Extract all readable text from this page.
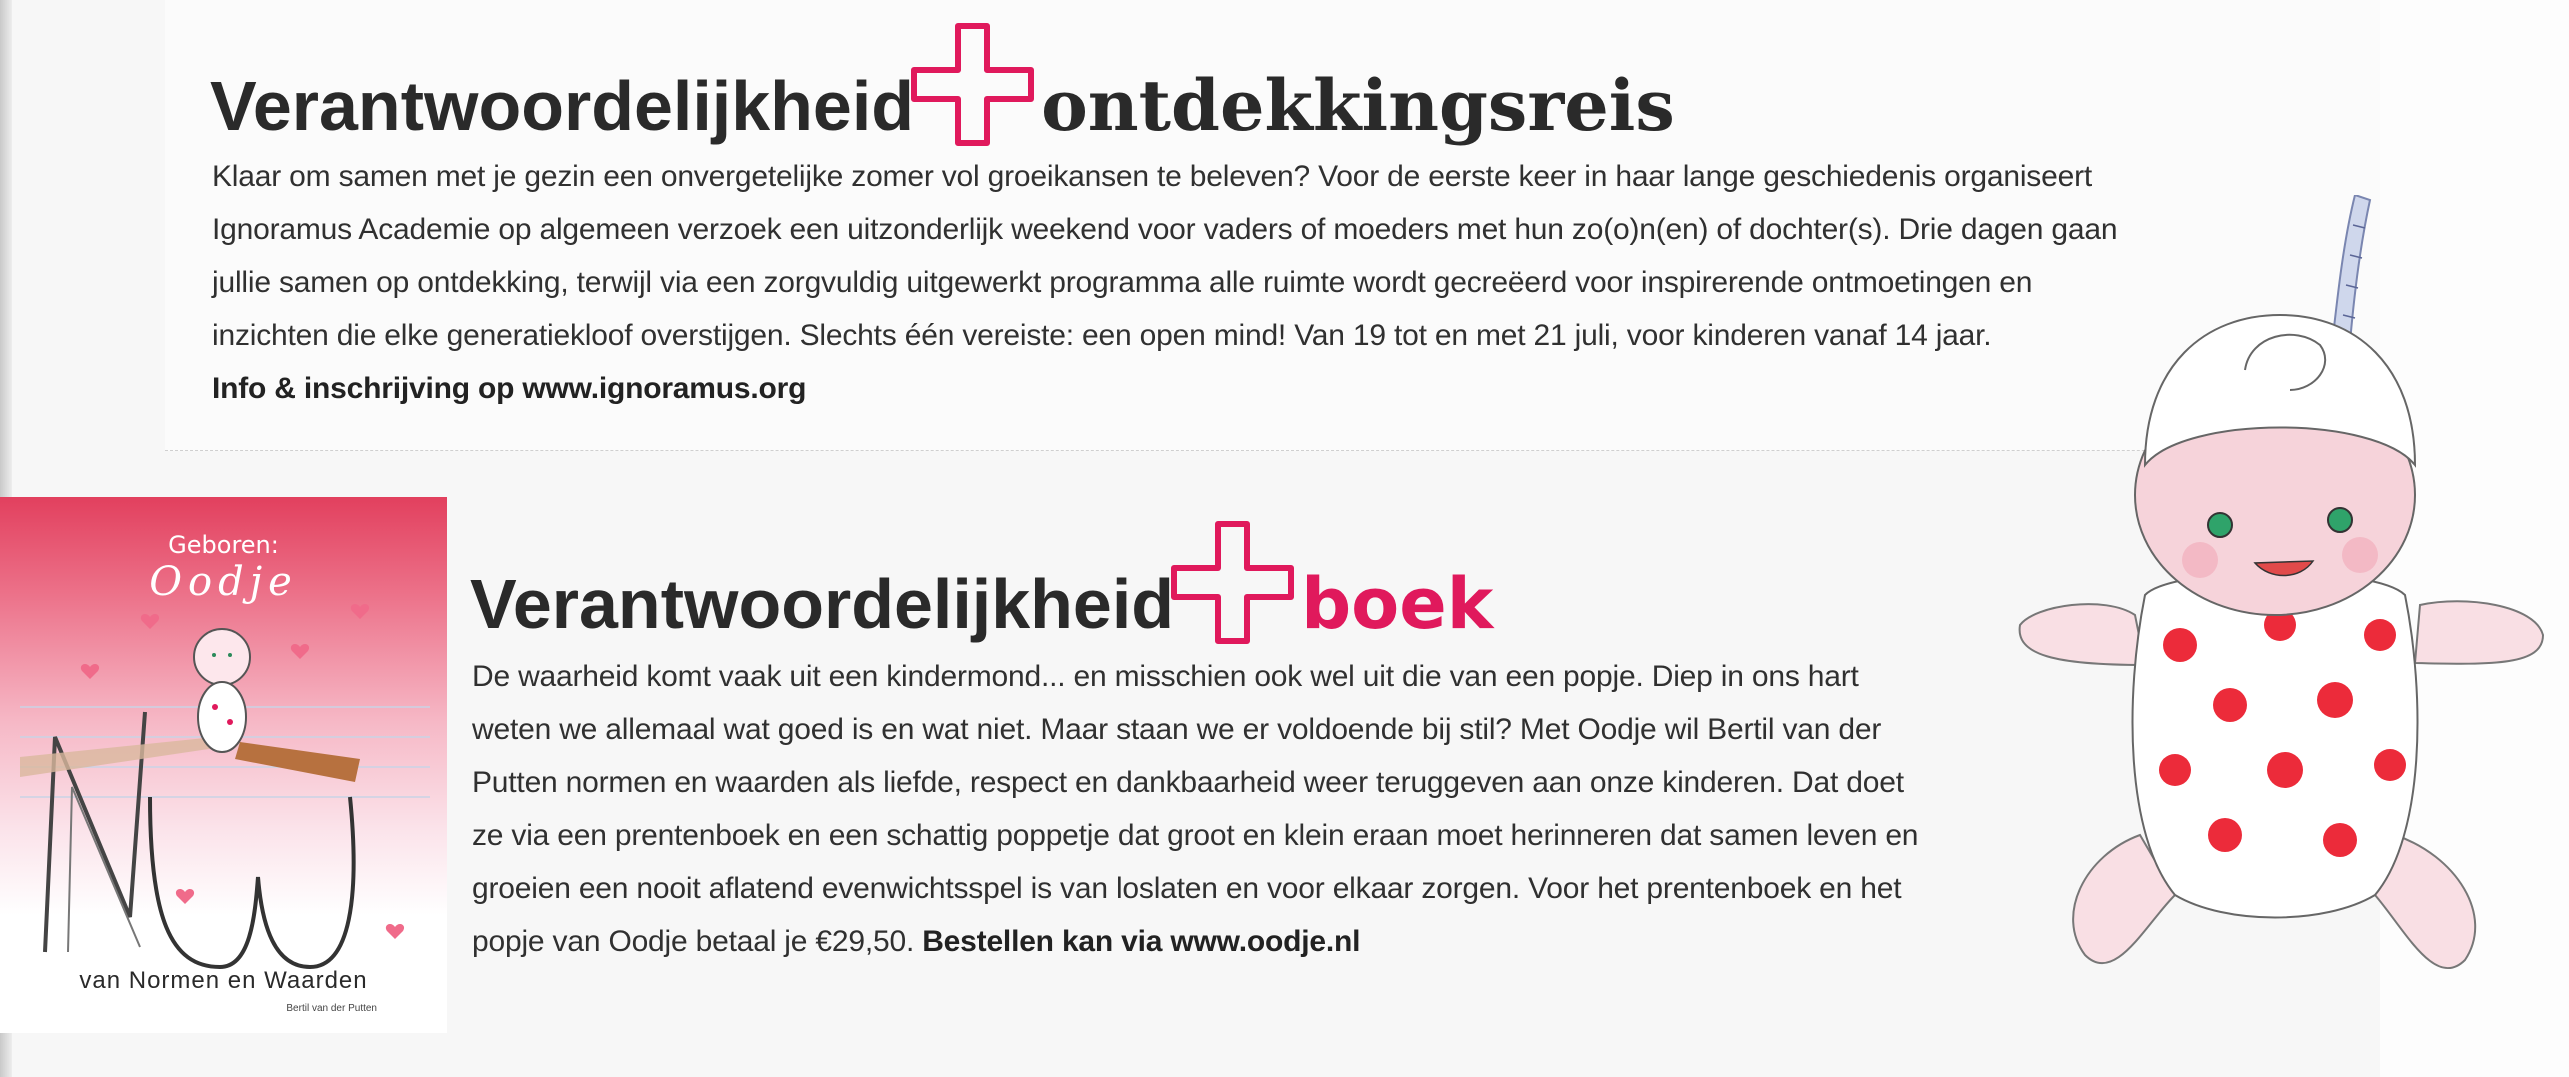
Verantwoordelijkheid ontdekkingsreis
Klaar om samen met je gezin een onvergetelijke zomer vol groeikansen te beleven? Voor de eerste keer in haar lange geschiedenis organiseert
Ignoramus Academie op algemeen verzoek een uitzonderlijk weekend voor vaders of moeders met hun zo(o)n(en) of dochter(s). Drie dagen gaan
jullie samen op ontdekking, terwijl via een zorgvuldig uitgewerkt programma alle ruimte wordt gecreëerd voor inspirerende ontmoetingen en
inzichten die elke generatiekloof overstijgen. Slechts één vereiste: een open mind! Van 19 tot en met 21 juli, voor kinderen vanaf 14 jaar.
Info & inschrijving op www.ignoramus.org
Verantwoordelijkheid boek
De waarheid komt vaak uit een kindermond... en misschien ook wel uit die van een popje. Diep in ons hart
weten we allemaal wat goed is en wat niet. Maar staan we er voldoende bij stil? Met Oodje wil Bertil van der
Putten normen en waarden als liefde, respect en dankbaarheid weer teruggeven aan onze kinderen. Dat doet
ze via een prentenboek en een schattig poppetje dat groot en klein eraan moet herinneren dat samen leven en
groeien een nooit aflatend evenwichtsspel is van loslaten en voor elkaar zorgen. Voor het prentenboek en het
popje van Oodje betaal je €29,50. Bestellen kan via www.oodje.nl
Geboren:
Oodje
van Normen en Waarden
Bertil van der Putten
